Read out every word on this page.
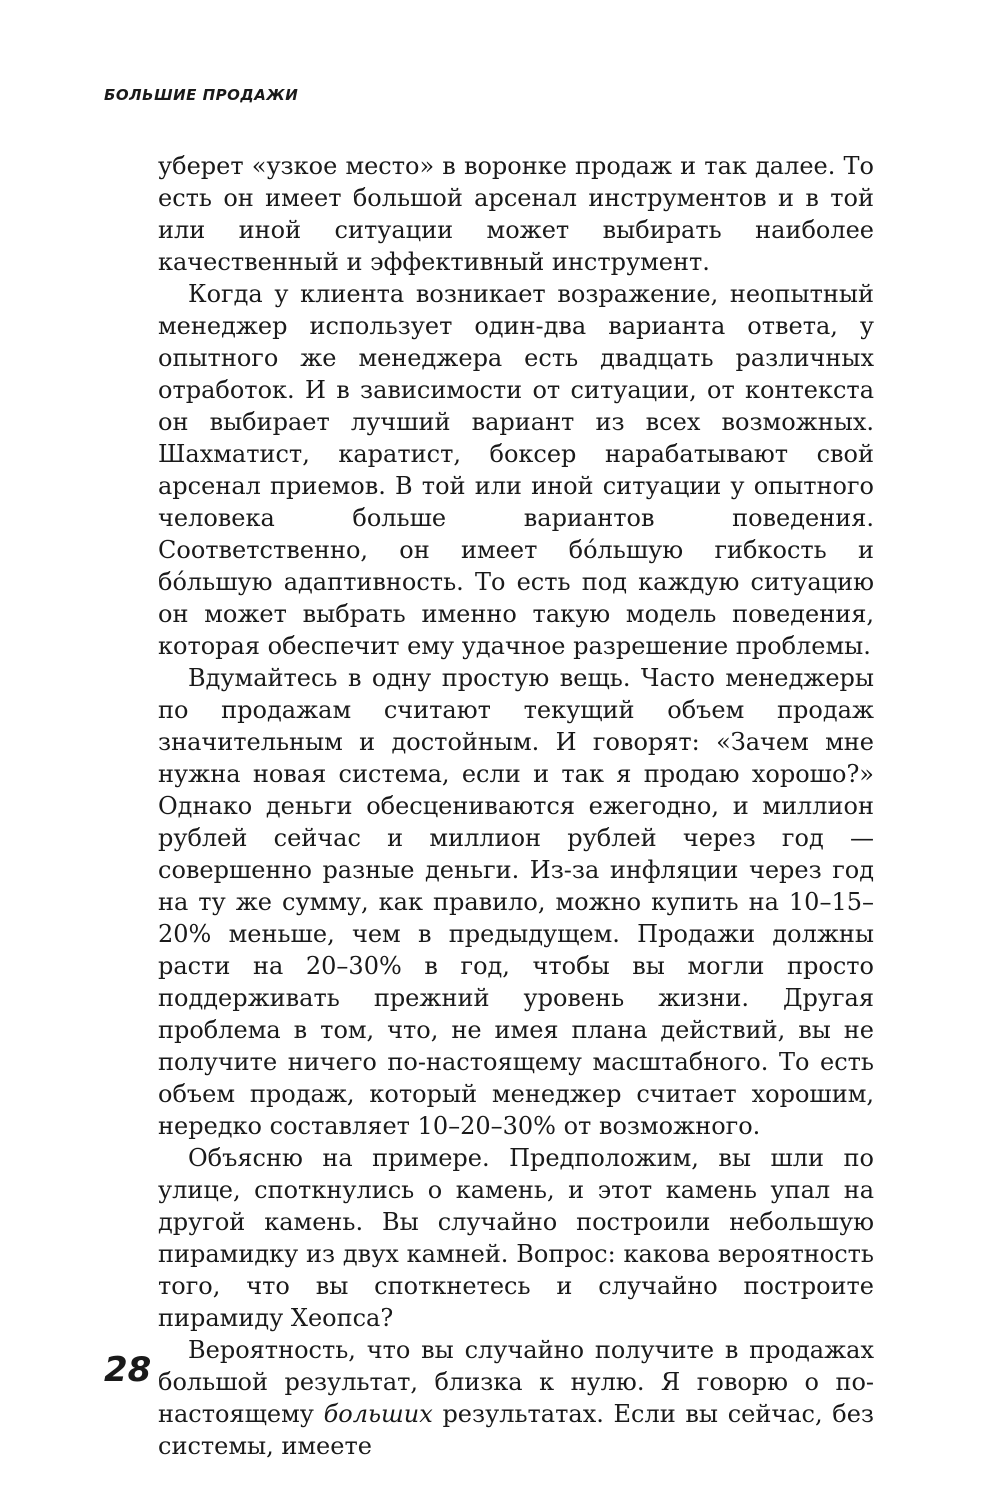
БОЛЬШИЕ ПРОДАЖИ

уберет «узкое место» в воронке продаж и так далее. То есть он имеет большой арсенал инструментов и в той или иной ситуации может выбирать наиболее качественный и эффективный инструмент.

Когда у клиента возникает возражение, неопытный менеджер использует один-два варианта ответа, у опытного же менеджера есть двадцать различных отработок. И в зависимости от ситуации, от контекста он выбирает лучший вариант из всех возможных. Шахматист, каратист, боксер нарабатывают свой арсенал приемов. В той или иной ситуации у опытного человека больше вариантов поведения. Соответственно, он имеет бо́льшую гибкость и бо́льшую адаптивность. То есть под каждую ситуацию он может выбрать именно такую модель поведения, которая обеспечит ему удачное разрешение проблемы.

Вдумайтесь в одну простую вещь. Часто менеджеры по продажам считают текущий объем продаж значительным и достойным. И говорят: «Зачем мне нужна новая система, если и так я продаю хорошо?» Однако деньги обесцениваются ежегодно, и миллион рублей сейчас и миллион рублей через год — совершенно разные деньги. Из-за инфляции через год на ту же сумму, как правило, можно купить на 10–15–20% меньше, чем в предыдущем. Продажи должны расти на 20–30% в год, чтобы вы могли просто поддерживать прежний уровень жизни. Другая проблема в том, что, не имея плана действий, вы не получите ничего по-настоящему масштабного. То есть объем продаж, который менеджер считает хорошим, нередко составляет 10–20–30% от возможного.

Объясню на примере. Предположим, вы шли по улице, споткнулись о камень, и этот камень упал на другой камень. Вы случайно построили небольшую пирамидку из двух камней. Вопрос: какова вероятность того, что вы споткнетесь и случайно построите пирамиду Хеопса?

Вероятность, что вы случайно получите в продажах большой результат, близка к нулю. Я говорю о по-настоящему больших результатах. Если вы сейчас, без системы, имеете

28
